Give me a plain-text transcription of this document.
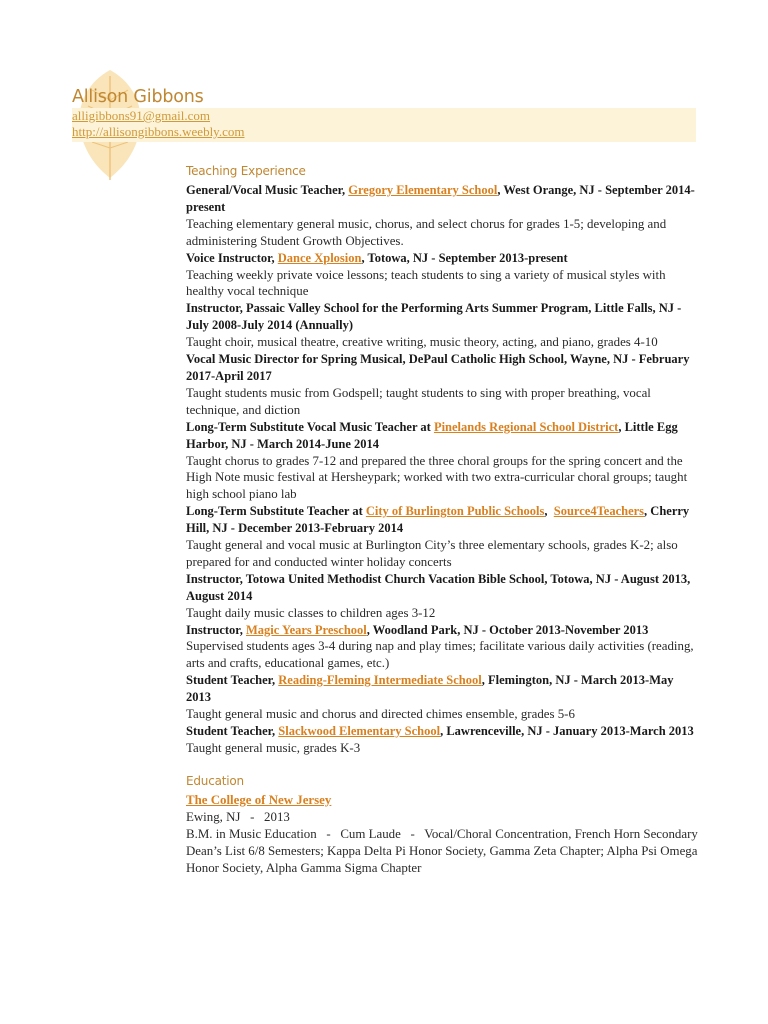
Allison Gibbons
alligibbons91@gmail.com
http://allisongibbons.weebly.com
Teaching Experience
General/Vocal Music Teacher, Gregory Elementary School, West Orange, NJ - September 2014-present
Teaching elementary general music, chorus, and select chorus for grades 1-5; developing and administering Student Growth Objectives.
Voice Instructor, Dance Xplosion, Totowa, NJ - September 2013-present
Teaching weekly private voice lessons; teach students to sing a variety of musical styles with healthy vocal technique
Instructor, Passaic Valley School for the Performing Arts Summer Program, Little Falls, NJ - July 2008-July 2014 (Annually)
Taught choir, musical theatre, creative writing, music theory, acting, and piano, grades 4-10
Vocal Music Director for Spring Musical, DePaul Catholic High School, Wayne, NJ - February 2017-April 2017
Taught students music from Godspell; taught students to sing with proper breathing, vocal technique, and diction
Long-Term Substitute Vocal Music Teacher at Pinelands Regional School District, Little Egg Harbor, NJ - March 2014-June 2014
Taught chorus to grades 7-12 and prepared the three choral groups for the spring concert and the High Note music festival at Hersheypark; worked with two extra-curricular choral groups; taught high school piano lab
Long-Term Substitute Teacher at City of Burlington Public Schools,  Source4Teachers, Cherry Hill, NJ - December 2013-February 2014
Taught general and vocal music at Burlington City’s three elementary schools, grades K-2; also prepared for and conducted winter holiday concerts
Instructor, Totowa United Methodist Church Vacation Bible School, Totowa, NJ - August 2013, August 2014
Taught daily music classes to children ages 3-12
Instructor, Magic Years Preschool, Woodland Park, NJ - October 2013-November 2013
Supervised students ages 3-4 during nap and play times; facilitate various daily activities (reading, arts and crafts, educational games, etc.)
Student Teacher, Reading-Fleming Intermediate School, Flemington, NJ - March 2013-May 2013
Taught general music and chorus and directed chimes ensemble, grades 5-6
Student Teacher, Slackwood Elementary School, Lawrenceville, NJ - January 2013-March 2013
Taught general music, grades K-3
Education
The College of New Jersey
Ewing, NJ   -   2013
B.M. in Music Education   -   Cum Laude   -   Vocal/Choral Concentration, French Horn Secondary
Dean’s List 6/8 Semesters; Kappa Delta Pi Honor Society, Gamma Zeta Chapter; Alpha Psi Omega Honor Society, Alpha Gamma Sigma Chapter
